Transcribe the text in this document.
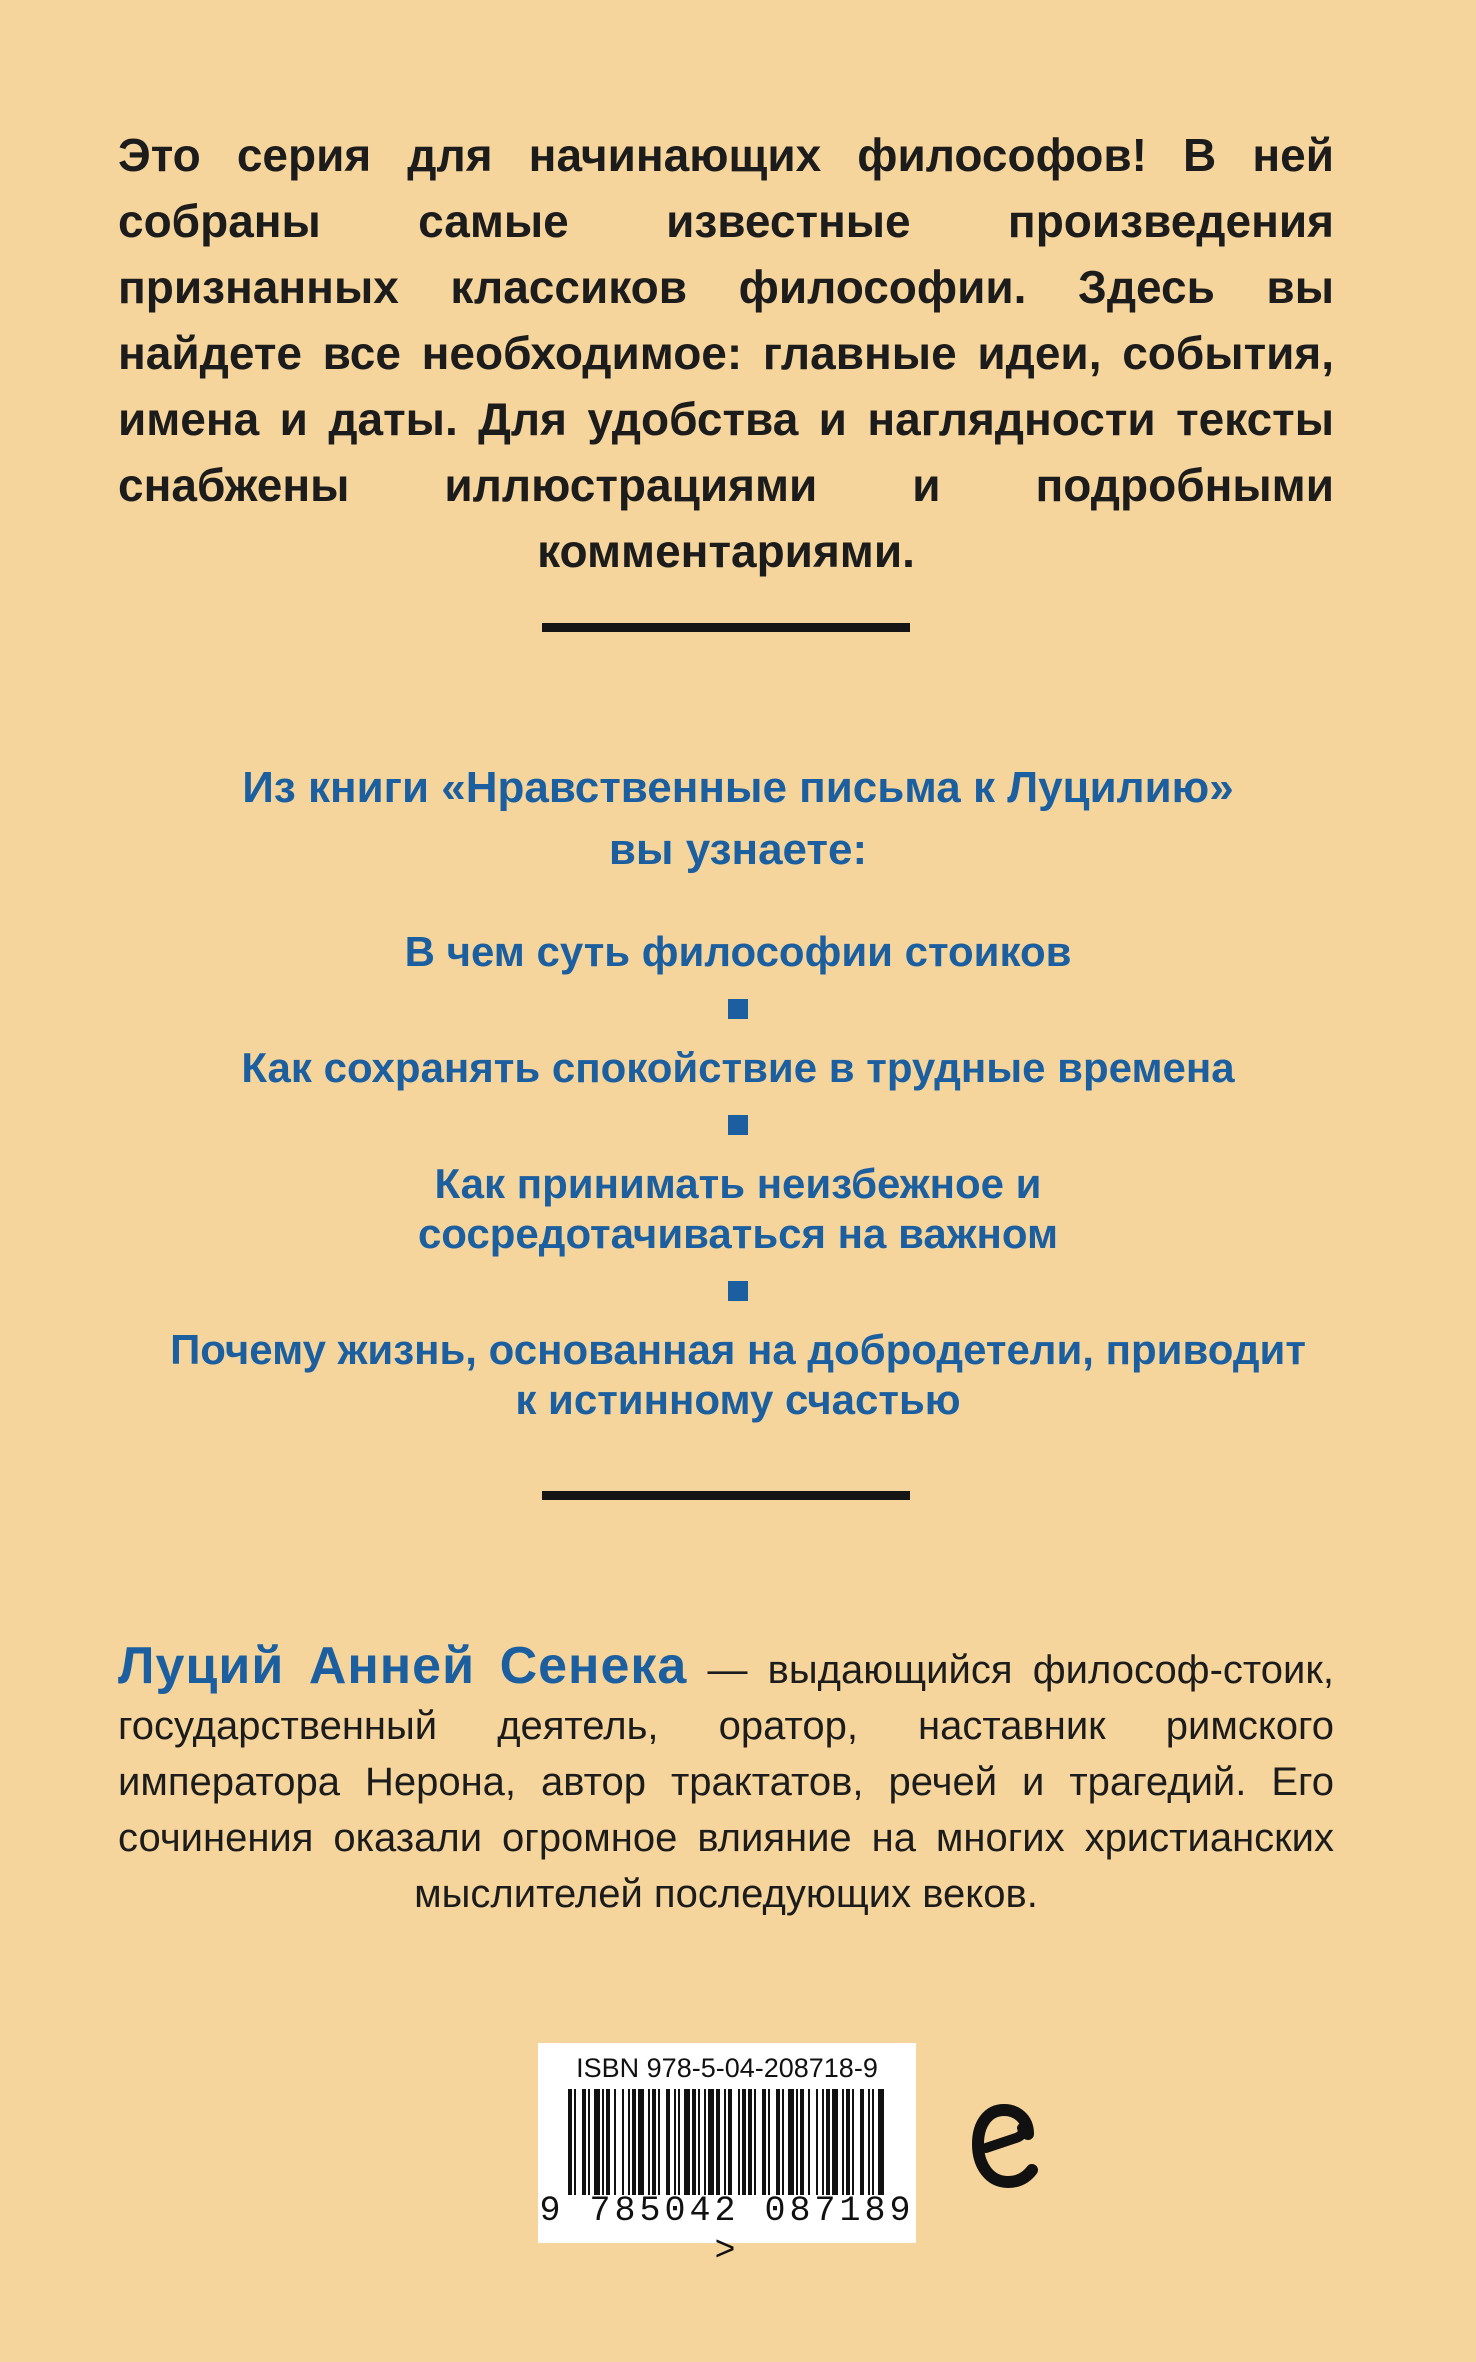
Это серия для начинающих философов! В ней собраны самые известные произведения признанных классиков философии. Здесь вы найдете все необходимое: главные идеи, события, имена и даты. Для удобства и наглядности тексты снабжены иллюстрациями и подробными комментариями.
Из книги «Нравственные письма к Луцилию»
вы узнаете:
В чем суть философии стоиков
Как сохранять спокойствие в трудные времена
Как принимать неизбежное и сосредотачиваться на важном
Почему жизнь, основанная на добродетели, приводит к истинному счастью
Луций Анней Сенека — выдающийся философ-стоик, государственный деятель, оратор, наставник римского императора Нерона, автор трактатов, речей и трагедий. Его сочинения оказали огромное влияние на многих христианских мыслителей последующих веков.
ISBN 978-5-04-208718-9
9 785042 087189 >
